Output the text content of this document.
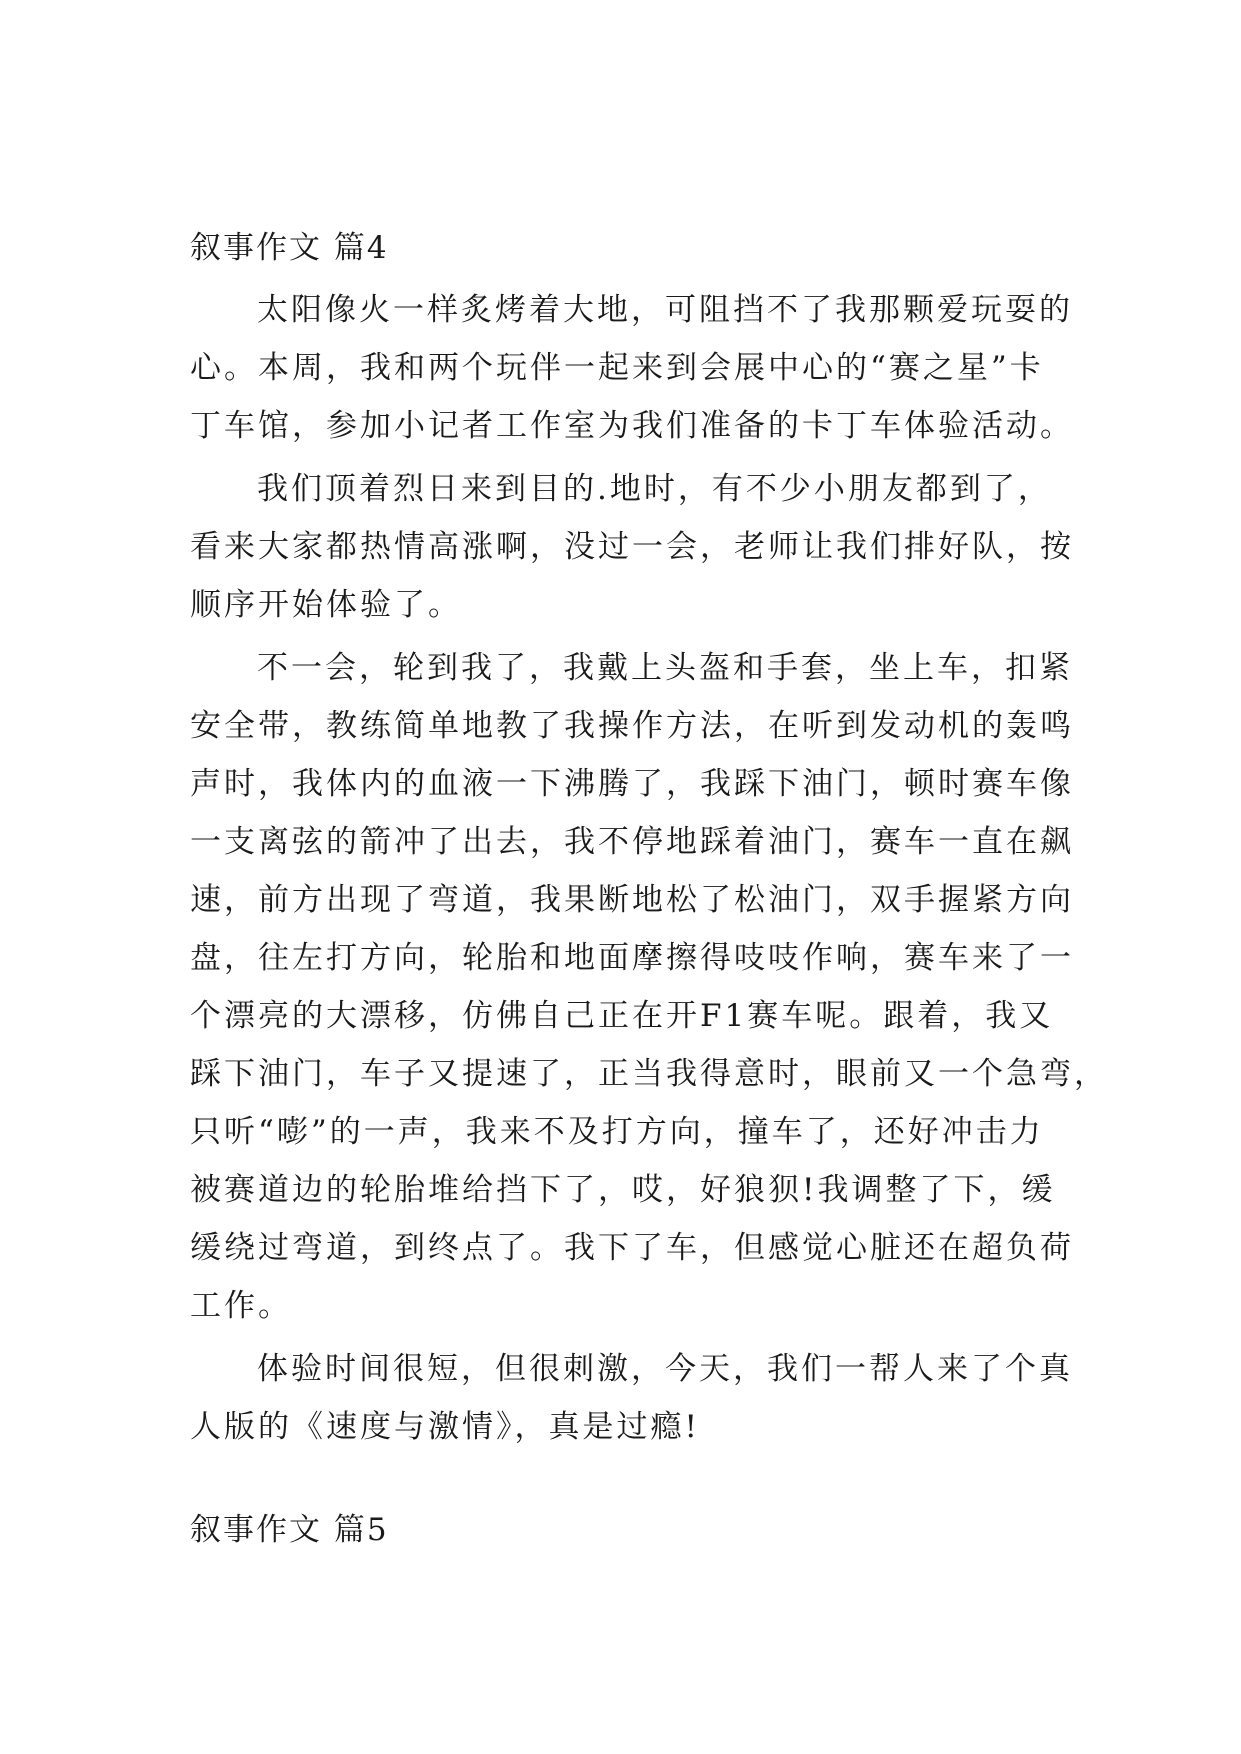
叙事作文 篇4
太阳像火一样炙烤着大地，可阻挡不了我那颗爱玩耍的
心。本周，我和两个玩伴一起来到会展中心的“赛之星”卡
丁车馆，参加小记者工作室为我们准备的卡丁车体验活动。
我们顶着烈日来到目的.地时，有不少小朋友都到了，
看来大家都热情高涨啊，没过一会，老师让我们排好队，按
顺序开始体验了。
不一会，轮到我了，我戴上头盔和手套，坐上车，扣紧
安全带，教练简单地教了我操作方法，在听到发动机的轰鸣
声时，我体内的血液一下沸腾了，我踩下油门，顿时赛车像
一支离弦的箭冲了出去，我不停地踩着油门，赛车一直在飙
速，前方出现了弯道，我果断地松了松油门，双手握紧方向
盘，往左打方向，轮胎和地面摩擦得吱吱作响，赛车来了一
个漂亮的大漂移，仿佛自己正在开F1赛车呢。跟着，我又
踩下油门，车子又提速了，正当我得意时，眼前又一个急弯，
只听“嘭”的一声，我来不及打方向，撞车了，还好冲击力
被赛道边的轮胎堆给挡下了，哎，好狼狈!我调整了下，缓
缓绕过弯道，到终点了。我下了车，但感觉心脏还在超负荷
工作。
体验时间很短，但很刺激，今天，我们一帮人来了个真
人版的《速度与激情》，真是过瘾!
叙事作文 篇5
